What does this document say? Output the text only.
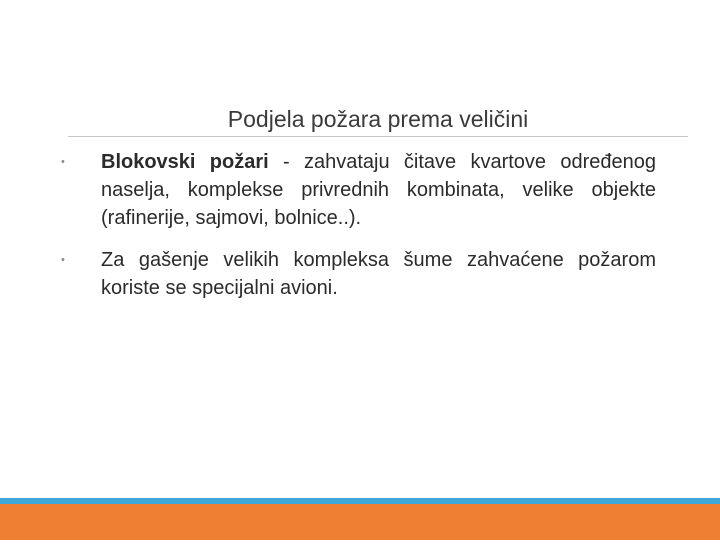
Podjela požara prema veličini
• Blokovski požari - zahvataju čitave kvartove određenog naselja, komplekse privrednih kombinata, velike objekte (rafinerije, sajmovi, bolnice..).
• Za gašenje velikih kompleksa šume zahvaćene požarom koriste se specijalni avioni.
